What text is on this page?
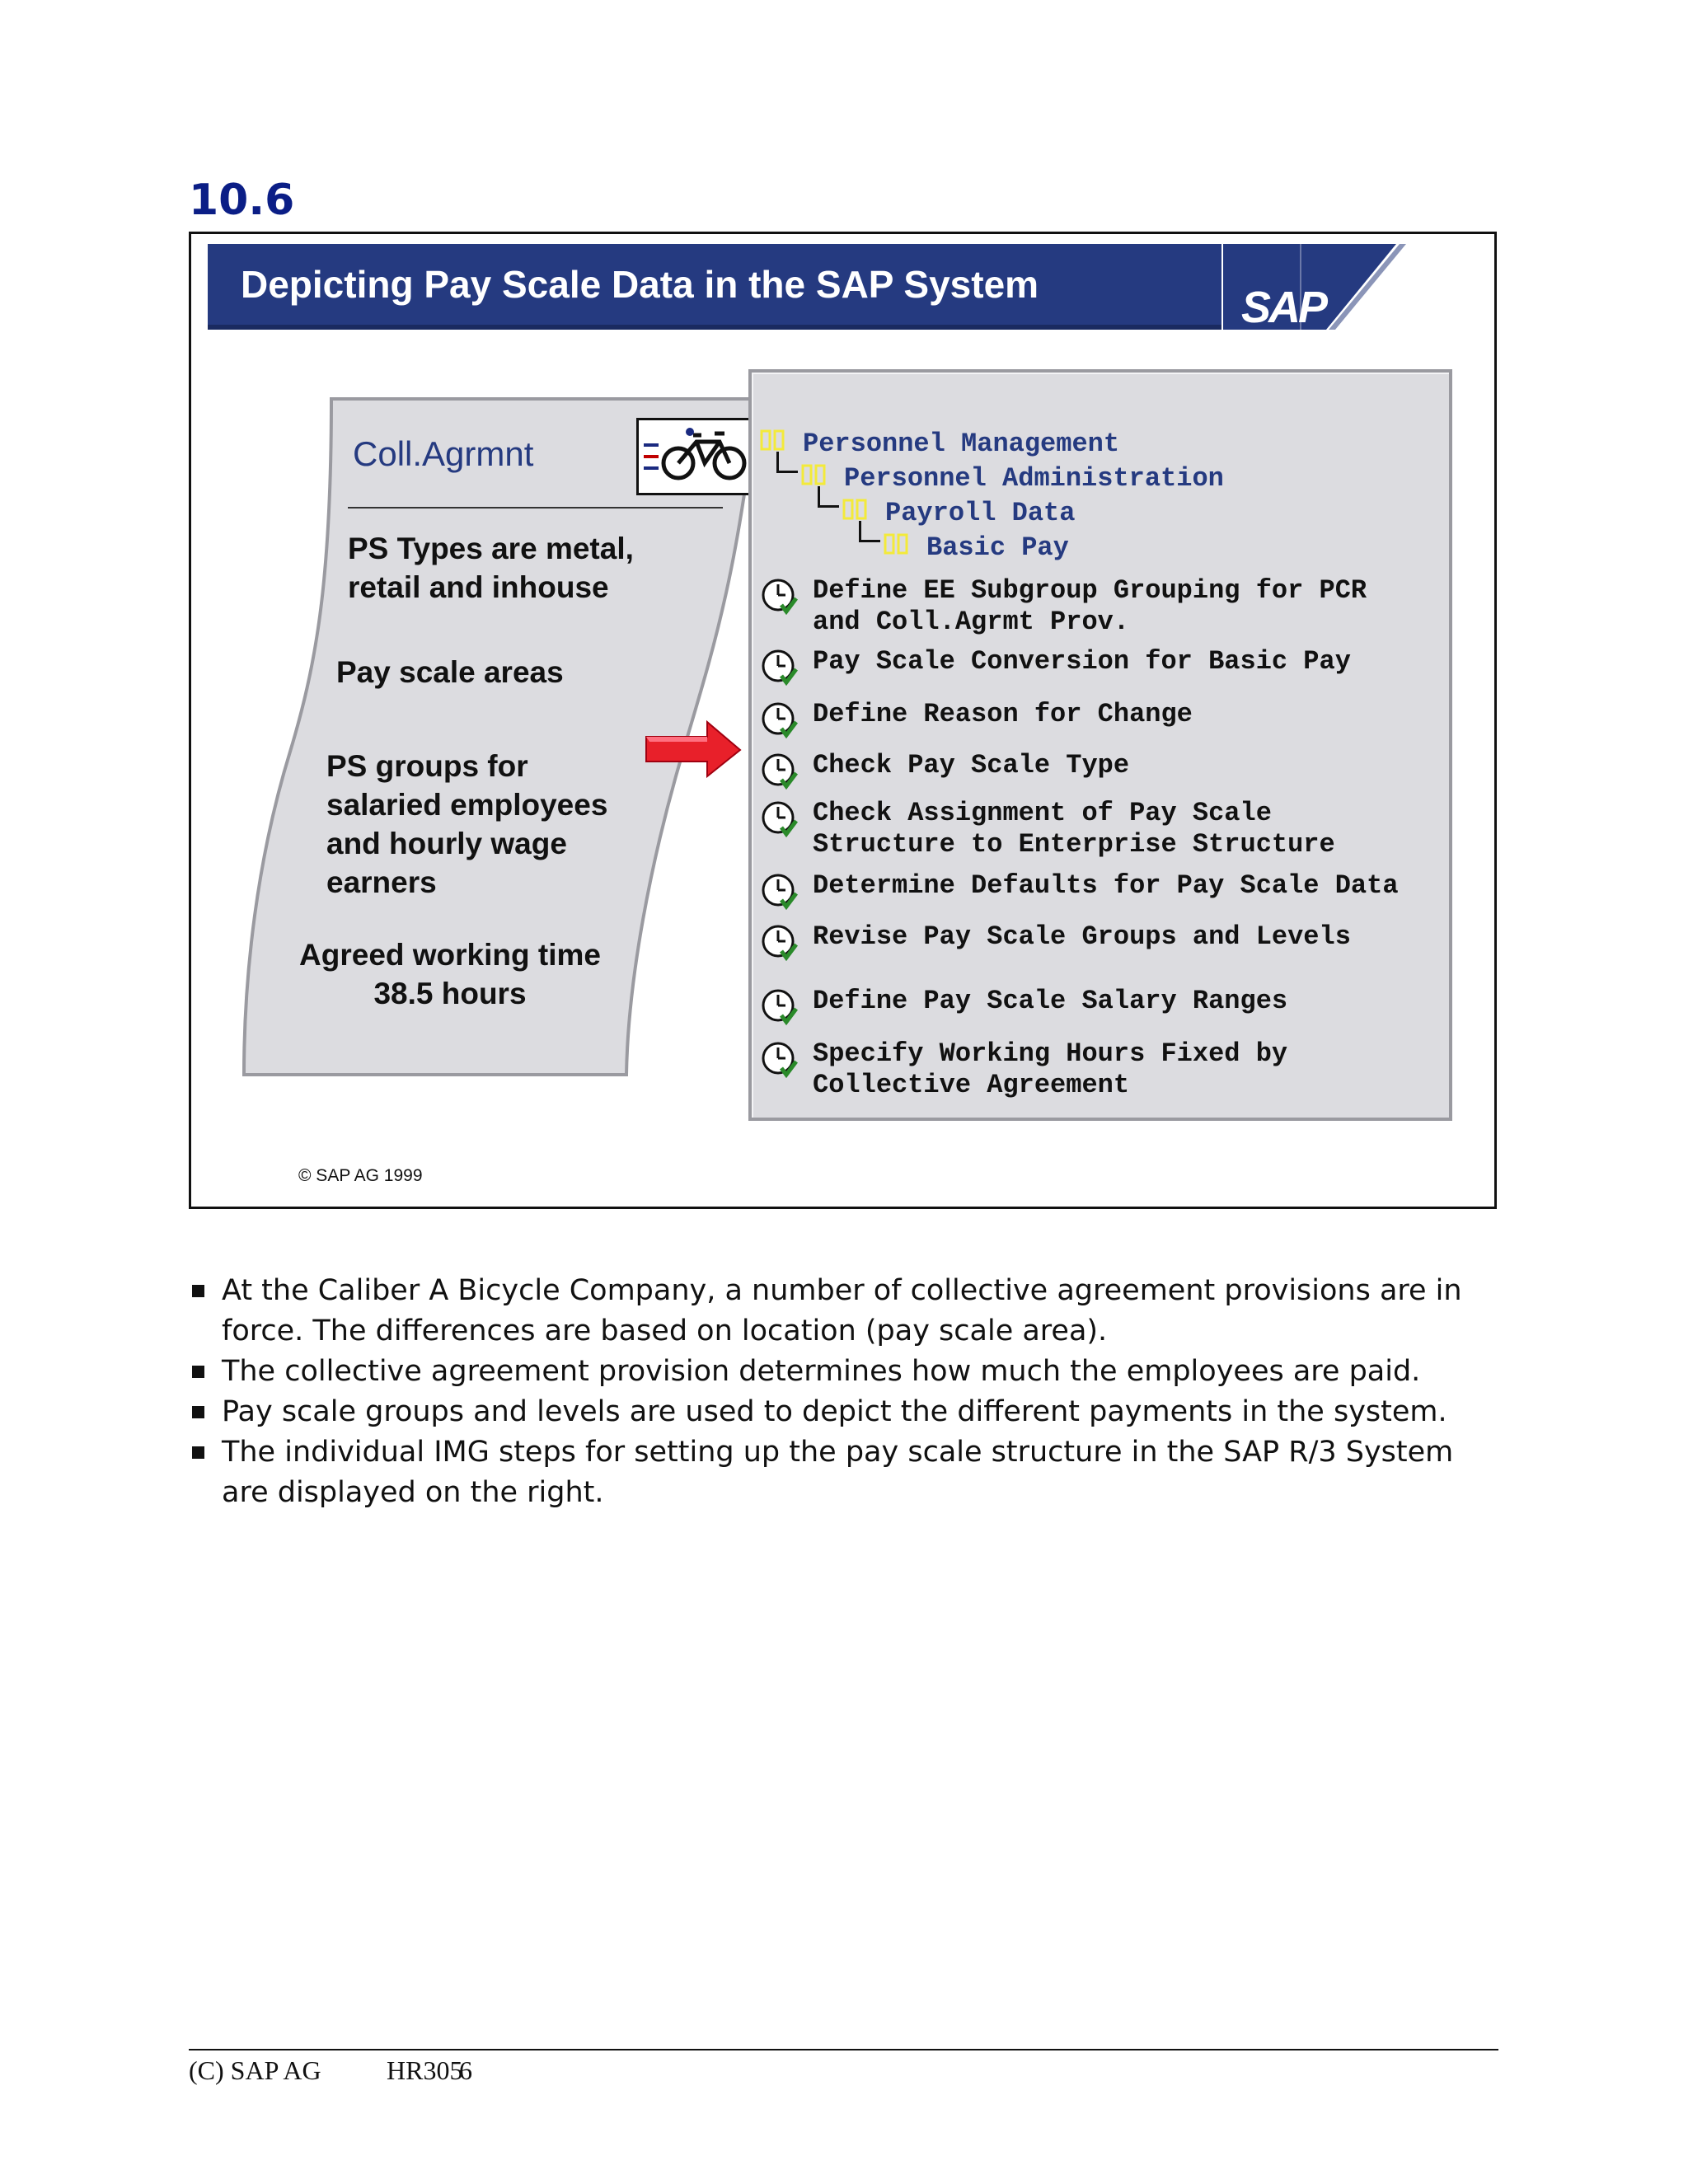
10.6
Depicting Pay Scale Data in the SAP System	SAP
Coll.Agrmnt
PS Types are metal, retail and inhouse
Pay scale areas
PS groups for salaried employees and hourly wage earners
Agreed working time 38.5 hours
Personnel Management
Personnel Administration
Payroll Data
Basic Pay
Define EE Subgroup Grouping for PCR
and Coll.Agrmt Prov.
Pay Scale Conversion for Basic Pay
Define Reason for Change
Check Pay Scale Type
Check Assignment of Pay Scale
Structure to Enterprise Structure
Determine Defaults for Pay Scale Data
Revise Pay Scale Groups and Levels
Define Pay Scale Salary Ranges
Specify Working Hours Fixed by
Collective Agreement
© SAP AG 1999
At the Caliber A Bicycle Company, a number of collective agreement provisions are in force. The differences are based on location (pay scale area).
The collective agreement provision determines how much the employees are paid.
Pay scale groups and levels are used to depict the different payments in the system.
The individual IMG steps for setting up the pay scale structure in the SAP R/3 System are displayed on the right.
(C) SAP AG HR3056
